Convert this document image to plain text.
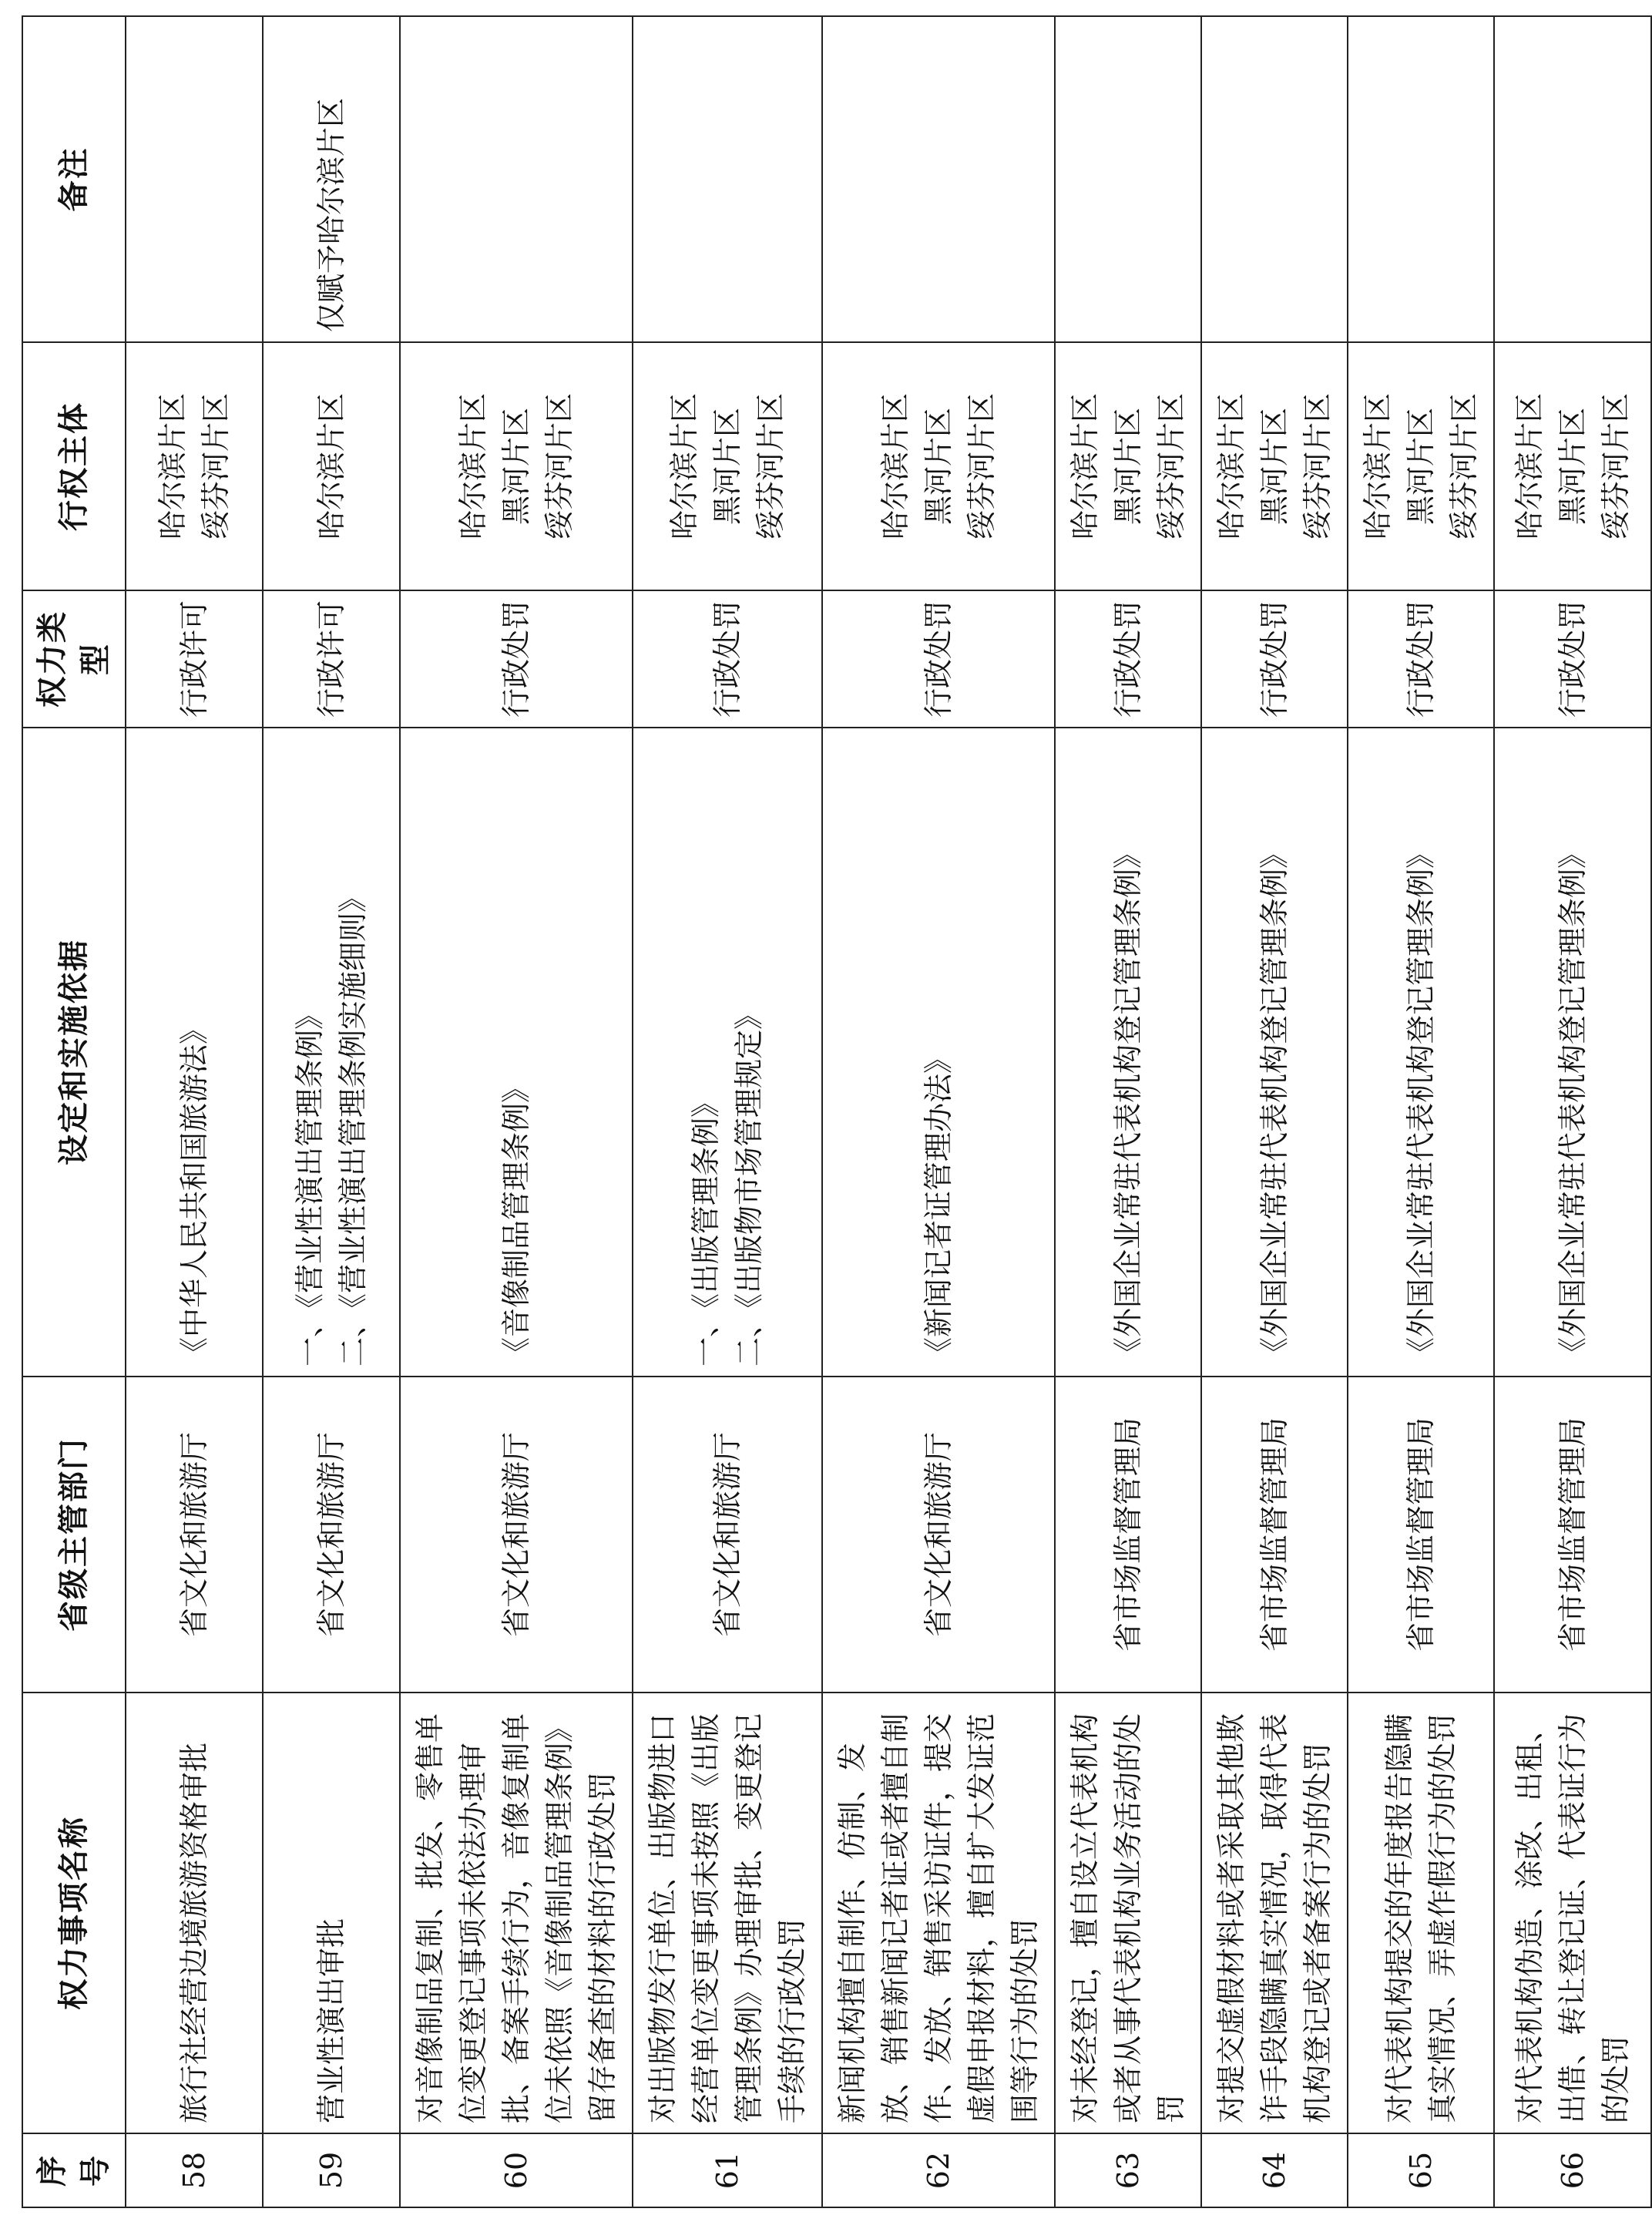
序号	权力事项名称	省级主管部门	设定和实施依据	权力类型	行权主体	备注
58	旅行社经营边境旅游资格审批	省文化和旅游厅	《中华人民共和国旅游法》	行政许可	哈尔滨片区 绥芬河片区	

59	营业性演出审批	省文化和旅游厅	一、《营业性演出管理条例》 二、《营业性演出管理条例实施细则》	行政许可	哈尔滨片区	仅赋予哈尔滨片区
60	对音像制品复制、批发、零售单位变更登记事项未依法办理审批、备案手续行为，音像复制单位未依照《音像制品管理条例》留存备查的材料的行政处罚	省文化和旅游厅	《音像制品管理条例》	行政处罚	哈尔滨片区 黑河片区 绥芬河片区	

61	对出版物发行单位、出版物进口经营单位变更事项未按照《出版管理条例》办理审批、变更登记手续的行政处罚	省文化和旅游厅	一、《出版管理条例》 二、《出版物市场管理规定》	行政处罚	哈尔滨片区 黑河片区 绥芬河片区	

62	新闻机构擅自制作、仿制、发放、销售新闻记者证或者擅自制作、发放、销售采访证件，提交虚假申报材料，擅自扩大发证范围等行为的处罚	省文化和旅游厅	《新闻记者证管理办法》	行政处罚	哈尔滨片区 黑河片区 绥芬河片区	

63	对未经登记，擅自设立代表机构或者从事代表机构业务活动的处罚	省市场监督管理局	《外国企业常驻代表机构登记管理条例》	行政处罚	哈尔滨片区 黑河片区 绥芬河片区	

64	对提交虚假材料或者采取其他欺诈手段隐瞒真实情况，取得代表机构登记或者备案行为的处罚	省市场监督管理局	《外国企业常驻代表机构登记管理条例》	行政处罚	哈尔滨片区 黑河片区 绥芬河片区	

65	对代表机构提交的年度报告隐瞒真实情况、弄虚作假行为的处罚	省市场监督管理局	《外国企业常驻代表机构登记管理条例》	行政处罚	哈尔滨片区 黑河片区 绥芬河片区	

66	对代表机构伪造、涂改、出租、出借、转让登记证、代表证行为的处罚	省市场监督管理局	《外国企业常驻代表机构登记管理条例》	行政处罚	哈尔滨片区 黑河片区 绥芬河片区	
